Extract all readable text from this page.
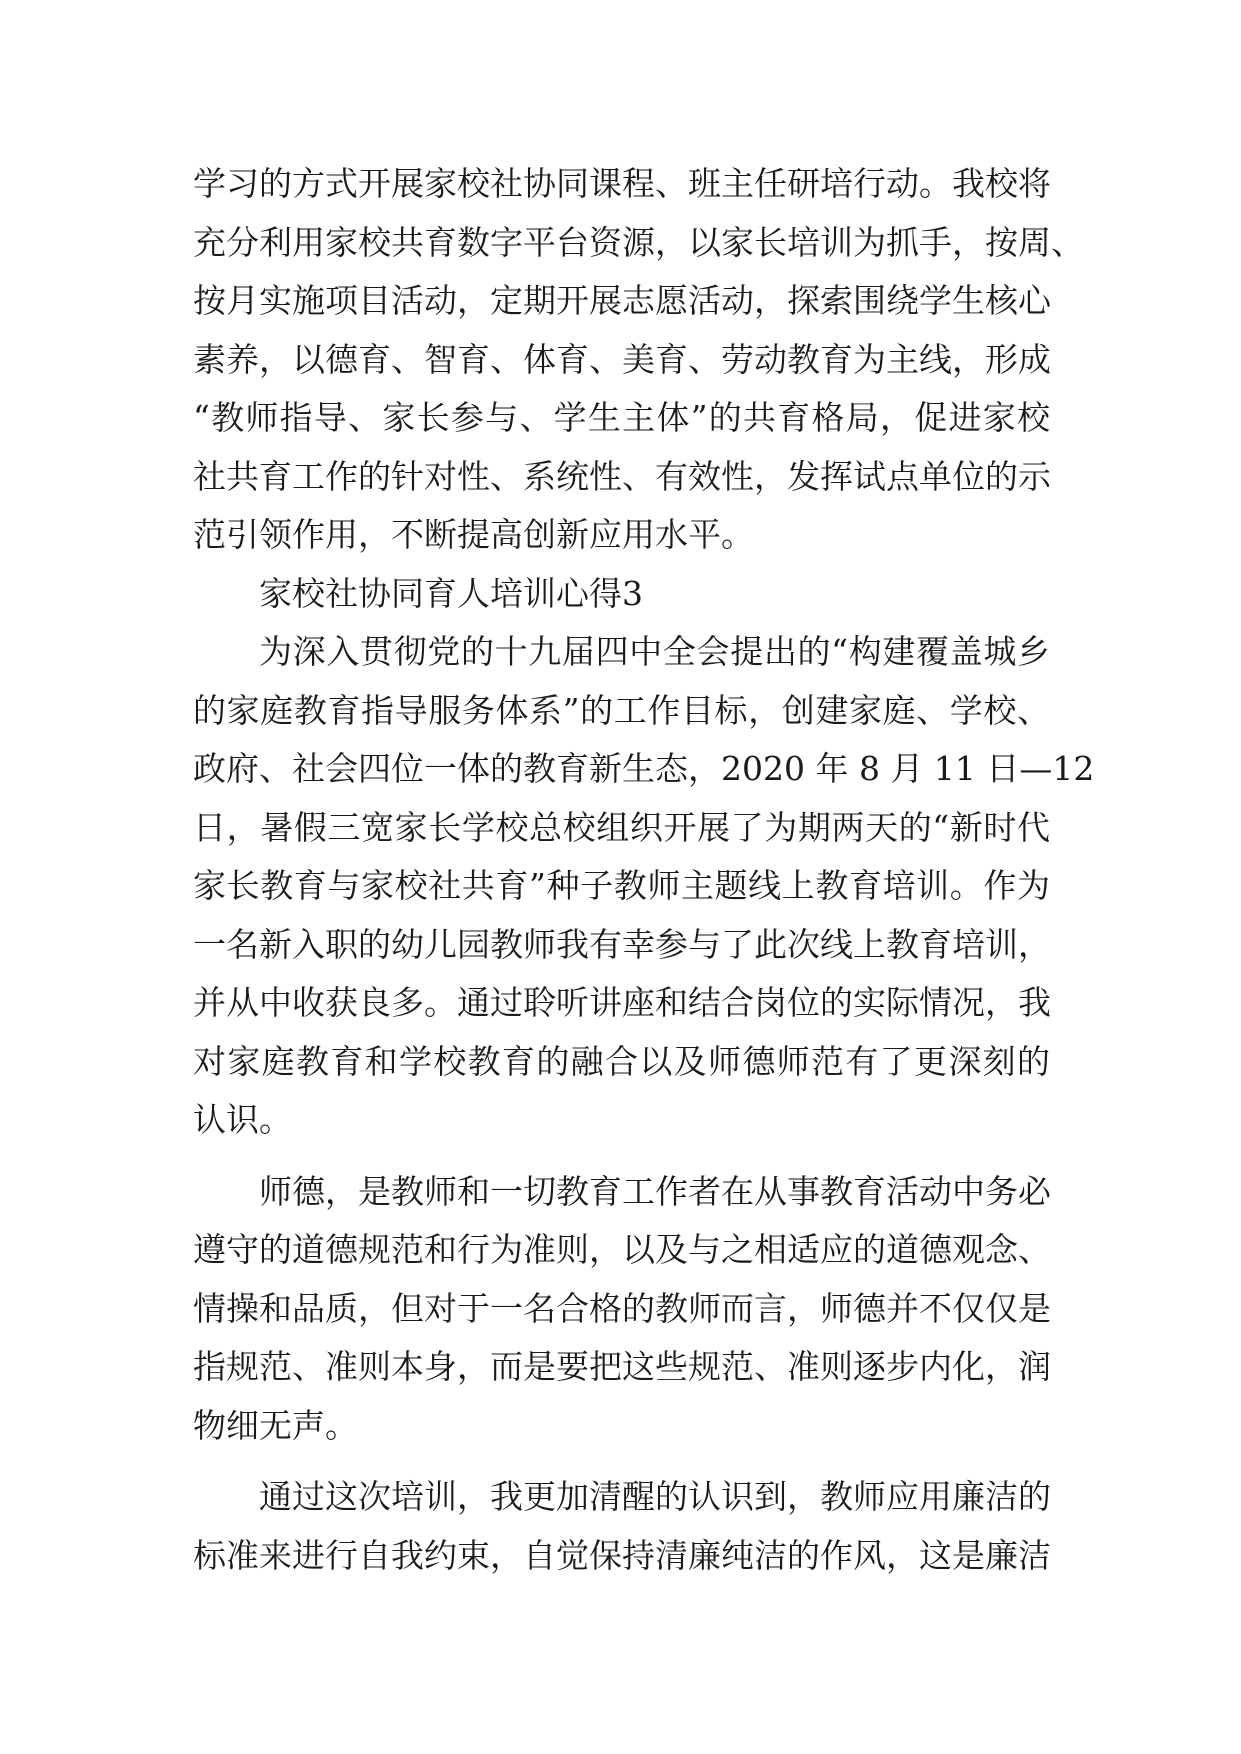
学习的方式开展家校社协同课程、班主任研培行动。我校将
充分利用家校共育数字平台资源，以家长培训为抓手，按周、
按月实施项目活动，定期开展志愿活动，探索围绕学生核心
素养，以德育、智育、体育、美育、劳动教育为主线，形成
“教师指导、家长参与、学生主体”的共育格局，促进家校
社共育工作的针对性、系统性、有效性，发挥试点单位的示
范引领作用，不断提高创新应用水平。
家校社协同育人培训心得3
为深入贯彻党的十九届四中全会提出的“构建覆盖城乡
的家庭教育指导服务体系”的工作目标，创建家庭、学校、
政府、社会四位一体的教育新生态，2020 年 8 月 11 日—12
日，暑假三宽家长学校总校组织开展了为期两天的“新时代
家长教育与家校社共育”种子教师主题线上教育培训。作为
一名新入职的幼儿园教师我有幸参与了此次线上教育培训，
并从中收获良多。通过聆听讲座和结合岗位的实际情况，我
对家庭教育和学校教育的融合以及师德师范有了更深刻的
认识。
师德，是教师和一切教育工作者在从事教育活动中务必
遵守的道德规范和行为准则，以及与之相适应的道德观念、
情操和品质，但对于一名合格的教师而言，师德并不仅仅是
指规范、准则本身，而是要把这些规范、准则逐步内化，润
物细无声。
通过这次培训，我更加清醒的认识到，教师应用廉洁的
标准来进行自我约束，自觉保持清廉纯洁的作风，这是廉洁
